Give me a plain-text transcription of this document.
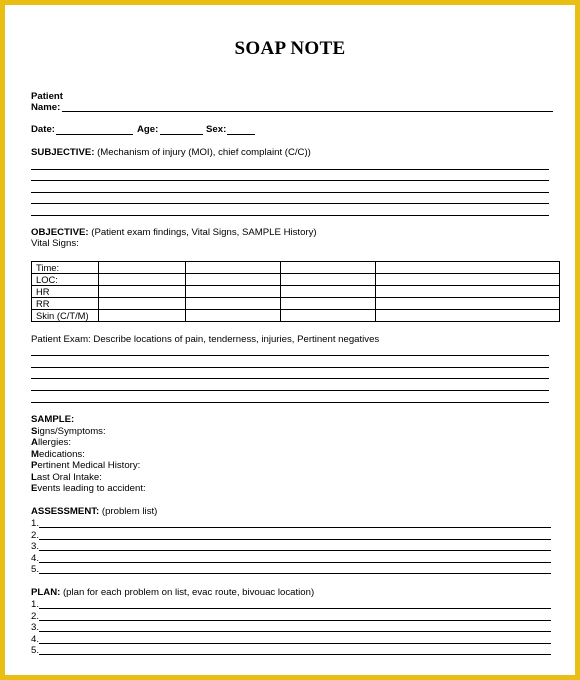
SOAP NOTE
Patient
Name:
Date:	Age:	Sex:
SUBJECTIVE: (Mechanism of injury (MOI), chief complaint (C/C))
OBJECTIVE: (Patient exam findings, Vital Signs, SAMPLE History)
Vital Signs:
Time:				
LOC:				
HR				
RR				
Skin (C/T/M)				
Patient Exam: Describe locations of pain, tenderness, injuries, Pertinent negatives
SAMPLE:
Signs/Symptoms:
Allergies:
Medications:
Pertinent Medical History:
Last Oral Intake:
Events leading to accident:
ASSESSMENT: (problem list)
1.
2.
3.
4.
5.
PLAN: (plan for each problem on list, evac route, bivouac location)
1.
2.
3.
4.
5.
